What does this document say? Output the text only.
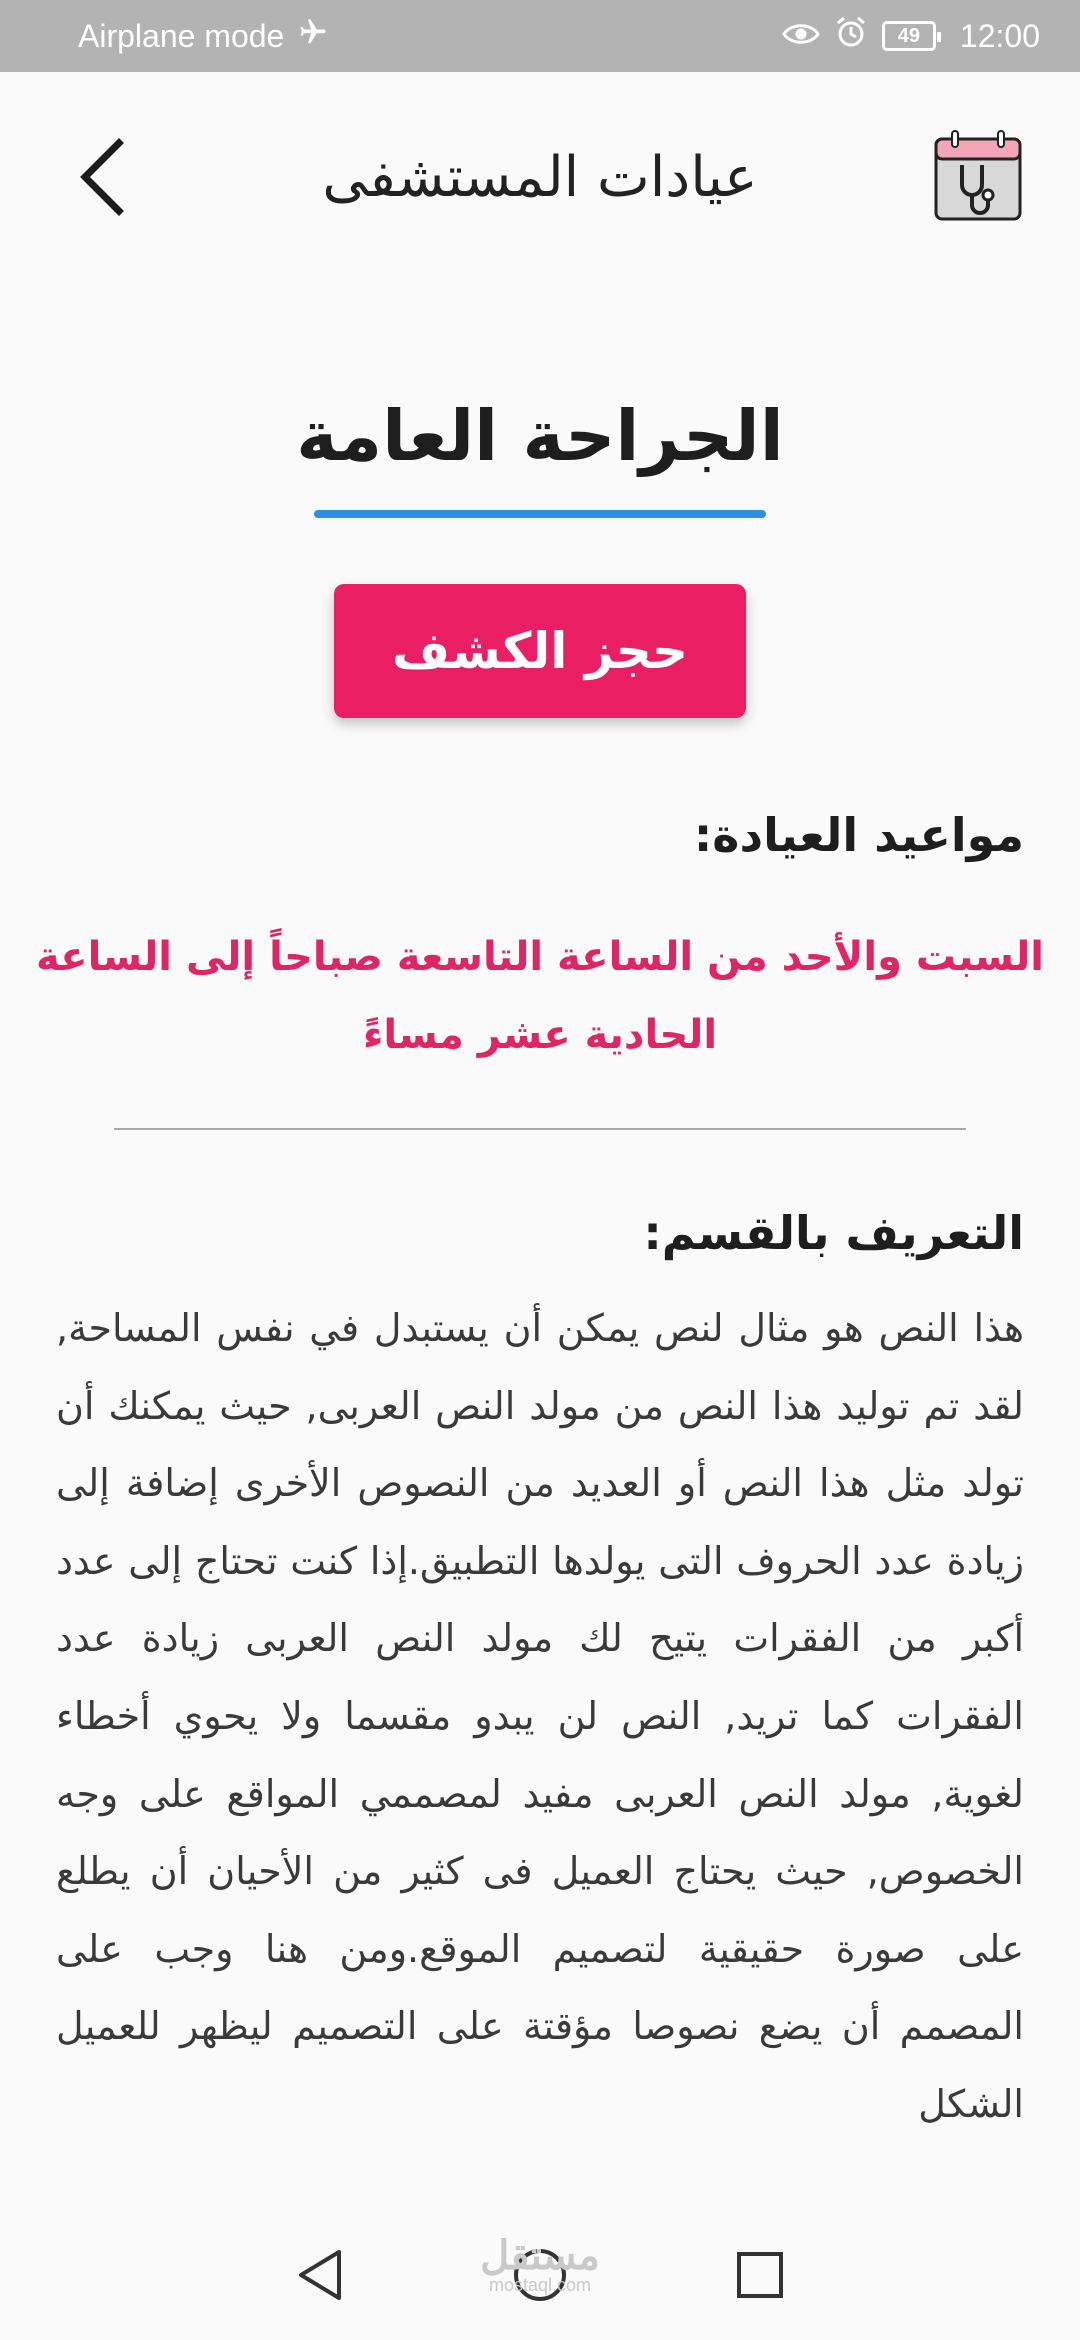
Airplane mode	49 12:00
عيادات المستشفى
الجراحة العامة
حجز الكشف
مواعيد العيادة:
السبت والأحد من الساعة التاسعة صباحاً إلى الساعة الحادية عشر مساءً
التعريف بالقسم:
هذا النص هو مثال لنص يمكن أن يستبدل في نفس المساحة, لقد تم توليد هذا النص من مولد النص العربى, حيث يمكنك أن تولد مثل هذا النص أو العديد من النصوص الأخرى إضافة إلى زيادة عدد الحروف التى يولدها التطبيق.إذا كنت تحتاج إلى عدد أكبر من الفقرات يتيح لك مولد النص العربى زيادة عدد الفقرات كما تريد, النص لن يبدو مقسما ولا يحوي أخطاء لغوية, مولد النص العربى مفيد لمصممي المواقع على وجه الخصوص, حيث يحتاج العميل فى كثير من الأحيان أن يطلع على صورة حقيقية لتصميم الموقع.ومن هنا وجب على المصمم أن يضع نصوصا مؤقتة على التصميم ليظهر للعميل الشكل
مستقل
mostaql.com
